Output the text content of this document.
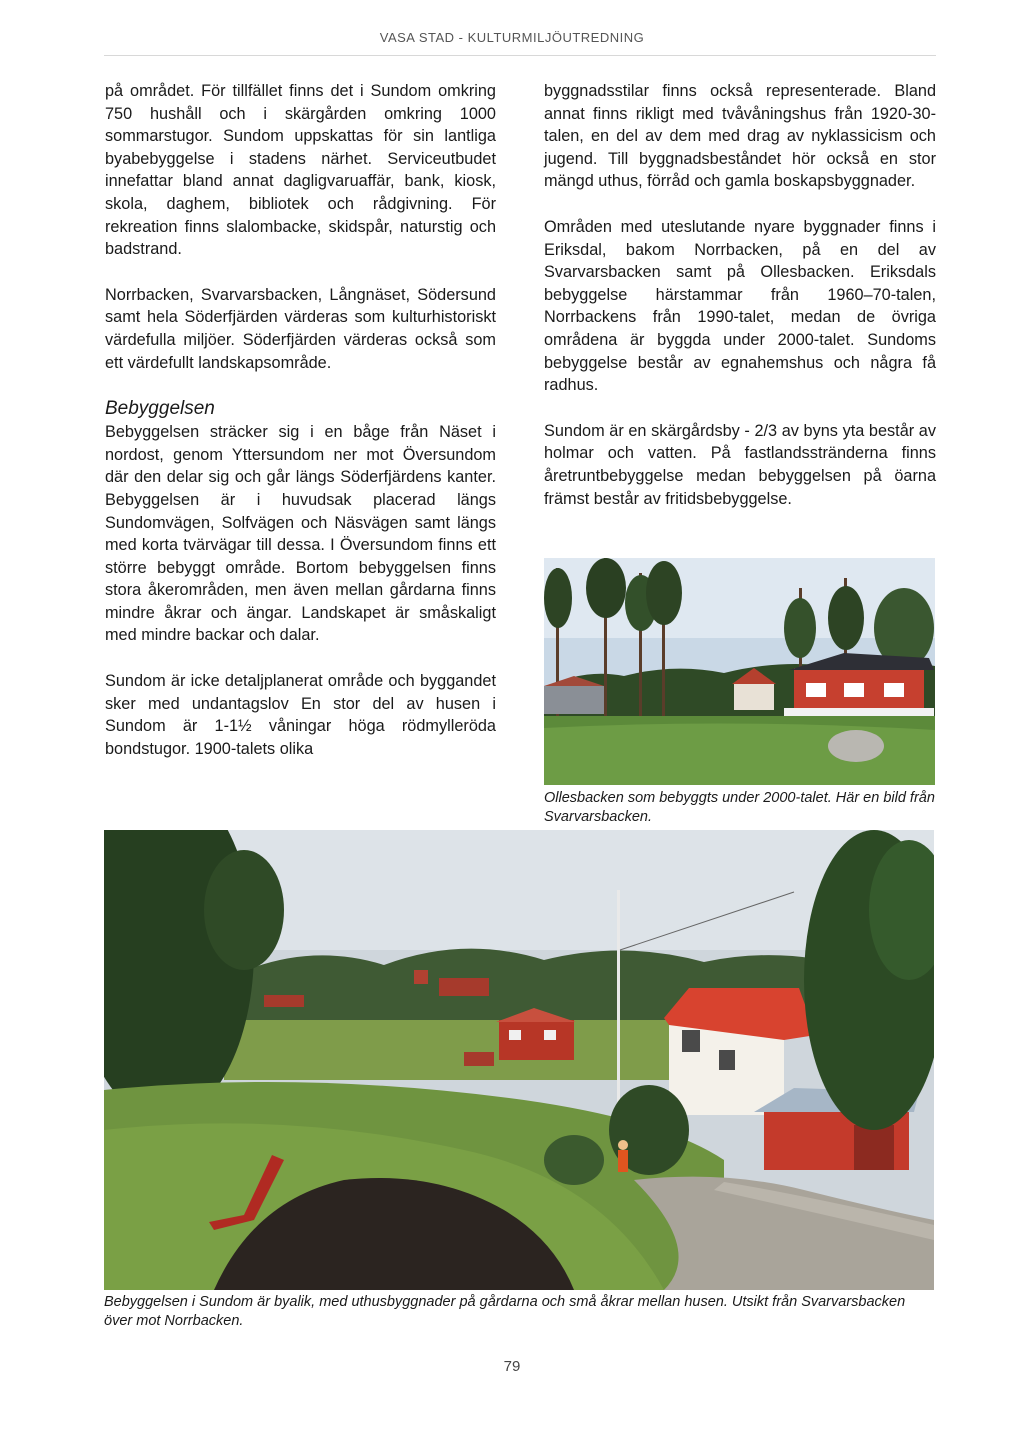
VASA STAD - KULTURMILJÖUTREDNING

på området. För tillfället finns det i Sundom omkring 750 hushåll och i skärgården omkring 1000 sommarstugor. Sundom uppskattas för sin lantliga byabebyggelse i stadens närhet. Serviceutbudet innefattar bland annat dagligvaruaffär, bank, kiosk, skola, daghem, bibliotek och rådgivning. För rekreation finns slalombacke, skidspår, naturstig och badstrand.

Norrbacken, Svarvarsbacken, Långnäset, Södersund samt hela Söderfjärden värderas som kulturhistoriskt värdefulla miljöer. Söderfjärden värderas också som ett värdefullt landskapsområde.

Bebyggelsen

Bebyggelsen sträcker sig i en båge från Näset i nordost, genom Yttersundom ner mot Översundom där den delar sig och går längs Söderfjärdens kanter. Bebyggelsen är i huvudsak placerad längs Sundomvägen, Solfvägen och Näsvägen samt längs med korta tvärvägar till dessa. I Översundom finns ett större bebyggt område. Bortom bebyggelsen finns stora åkerområden, men även mellan gårdarna finns mindre åkrar och ängar. Landskapet är småskaligt med mindre backar och dalar.

Sundom är icke detaljplanerat område och byggandet sker med undantagslov En stor del av husen i Sundom är 1-1½ våningar höga rödmylleröda bondstugor. 1900-talets olika

byggnadsstilar finns också representerade. Bland annat finns rikligt med tvåvåningshus från 1920-30-talen, en del av dem med drag av nyklassicism och jugend. Till byggnadsbeståndet hör också en stor mängd uthus, förråd och gamla boskapsbyggnader.

Områden med uteslutande nyare byggnader finns i Eriksdal, bakom Norrbacken, på en del av Svarvarsbacken samt på Ollesbacken. Eriksdals bebyggelse härstammar från 1960–70-talen, Norrbackens från 1990-talet, medan de övriga områdena är byggda under 2000-talet. Sundoms bebyggelse består av egnahemshus och några få radhus.

Sundom är en skärgårdsby - 2/3 av byns yta består av holmar och vatten. På fastlandsstränderna finns åretruntbebyggelse medan bebyggelsen på öarna främst består av fritidsbebyggelse.

Ollesbacken som bebyggts under 2000-talet. Här en bild från Svarvarsbacken.
Bebyggelsen i Sundom är byalik, med uthusbyggnader på gårdarna och små åkrar mellan husen. Utsikt från Svarvarsbacken över mot Norrbacken.
79
